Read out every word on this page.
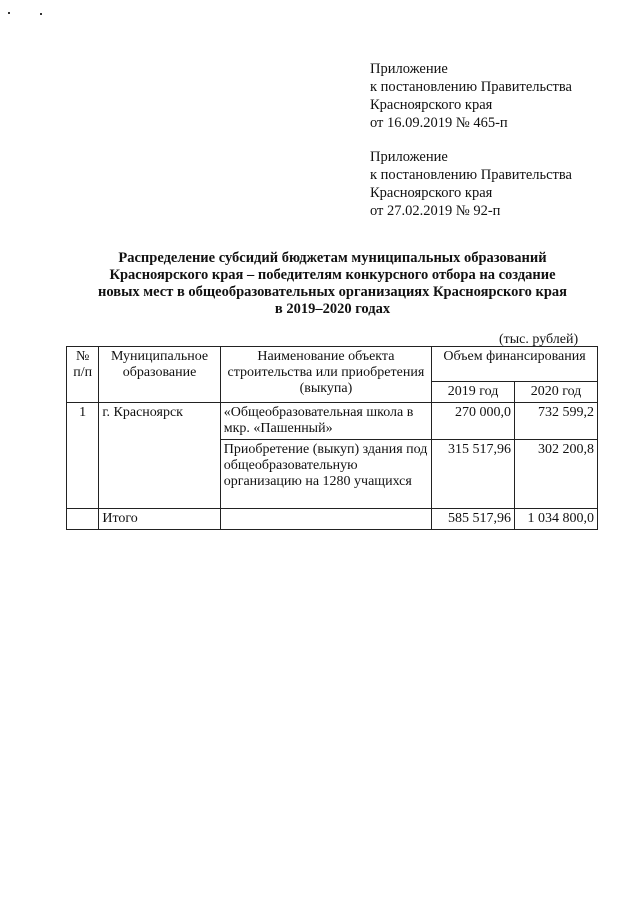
Приложение
к постановлению Правительства
Красноярского края
от 16.09.2019 № 465-п
Приложение
к постановлению Правительства
Красноярского края
от 27.02.2019 № 92-п
Распределение субсидий бюджетам муниципальных образований
Красноярского края – победителям конкурсного отбора на создание
новых мест в общеобразовательных организациях Красноярского края
в 2019–2020 годах
(тыс. рублей)
№ п/п	Муниципальное образование	Наименование объекта строительства или приобретения (выкупа)	Объем финансирования	
			2019 год	2020 год
1	г. Красноярск	«Общеобразовательная школа в мкр. «Пашенный»	270 000,0	732 599,2
		Приобретение (выкуп) здания под общеобразовательную организацию на 1280 учащихся	315 517,96	302 200,8
	Итого		585 517,96	1 034 800,0
